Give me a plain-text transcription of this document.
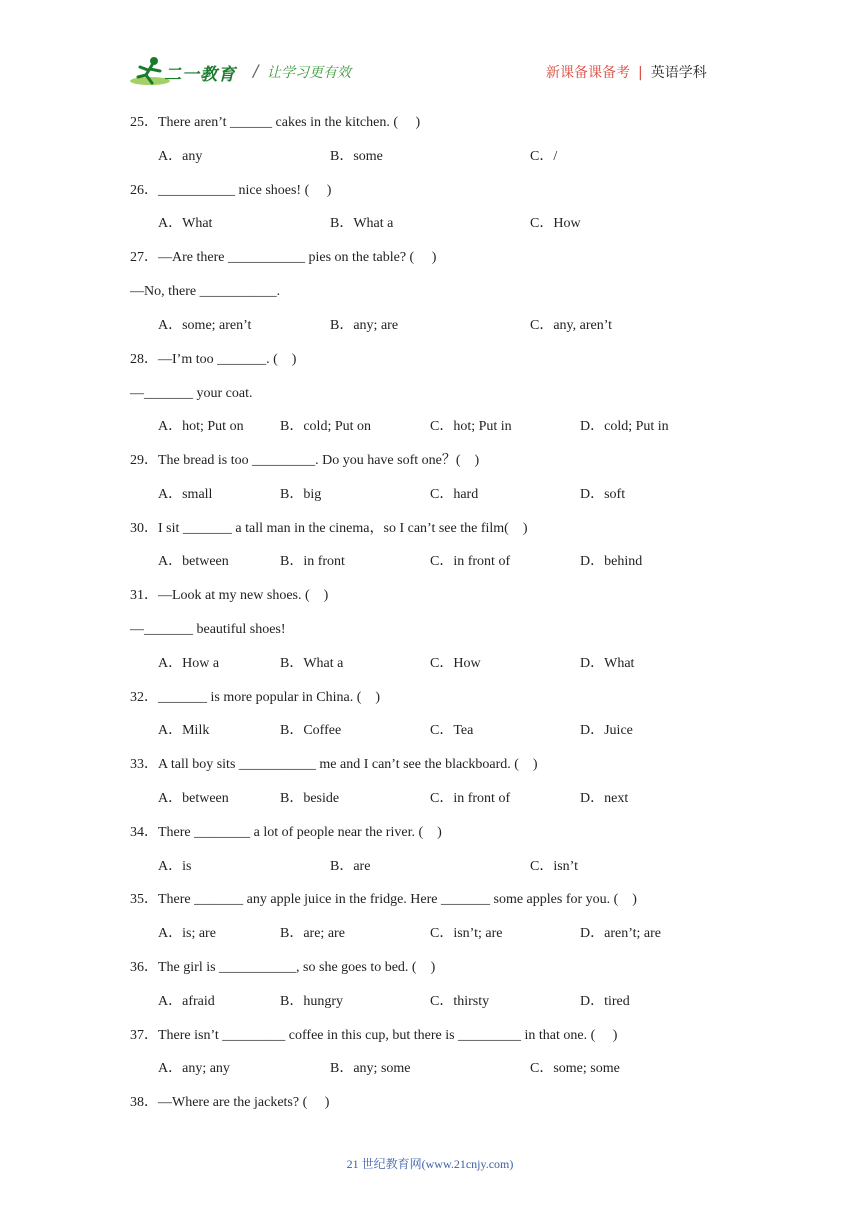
二一教育 / 让学习更有效	新课备课备考 | 英语学科
25．There aren’t ______ cakes in the kitchen. (     )
A．any	B．some	C．/
26．___________ nice shoes! (     )
A．What	B．What a	C．How
27．—Are there ___________ pies on the table? (     )
—No, there ___________.
A．some; aren’t	B．any; are	C．any, aren’t
28．—I’m too _______. (    )
—_______ your coat.
A．hot; Put on	B．cold; Put on	C．hot; Put in	D．cold; Put in
29．The bread is too _________. Do you have soft one？(    )
A．small	B．big	C．hard	D．soft
30．I sit _______ a tall man in the cinema，so I can’t see the film(    )
A．between	B．in front	C．in front of	D．behind
31．—Look at my new shoes. (    )
—_______ beautiful shoes!
A．How a	B．What a	C．How	D．What
32．_______ is more popular in China. (    )
A．Milk	B．Coffee	C．Tea	D．Juice
33．A tall boy sits ___________ me and I can’t see the blackboard. (    )
A．between	B．beside	C．in front of	D．next
34．There ________ a lot of people near the river. (    )
A．is	B．are	C．isn’t
35．There _______ any apple juice in the fridge. Here _______ some apples for you. (    )
A．is; are	B．are; are	C．isn’t; are	D．aren’t; are
36．The girl is ___________, so she goes to bed. (    )
A．afraid	B．hungry	C．thirsty	D．tired
37．There isn’t _________ coffee in this cup, but there is _________ in that one. (     )
A．any; any	B．any; some	C．some; some
38．—Where are the jackets? (     )
21 世纪教育网(www.21cnjy.com)
